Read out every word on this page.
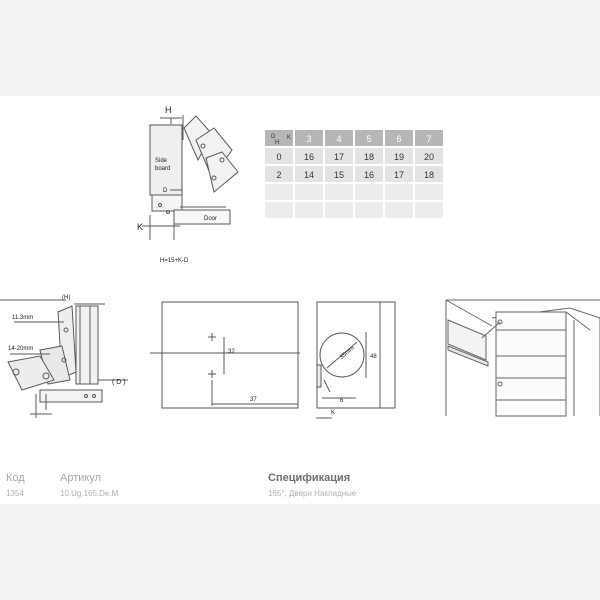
H
Side
board
D
Door
K
H=15+K-D
(H)
11.3mm
14-20mm
( D )
32
37
35mm 48
6
K
D
H
K 3	4	5	6	7
0 16 17 18 19 20
2 14 15 16 17 18
Код	Артикул	Спецификация
1354	10.Ug.165.De.M	165°, Двери Накладные
